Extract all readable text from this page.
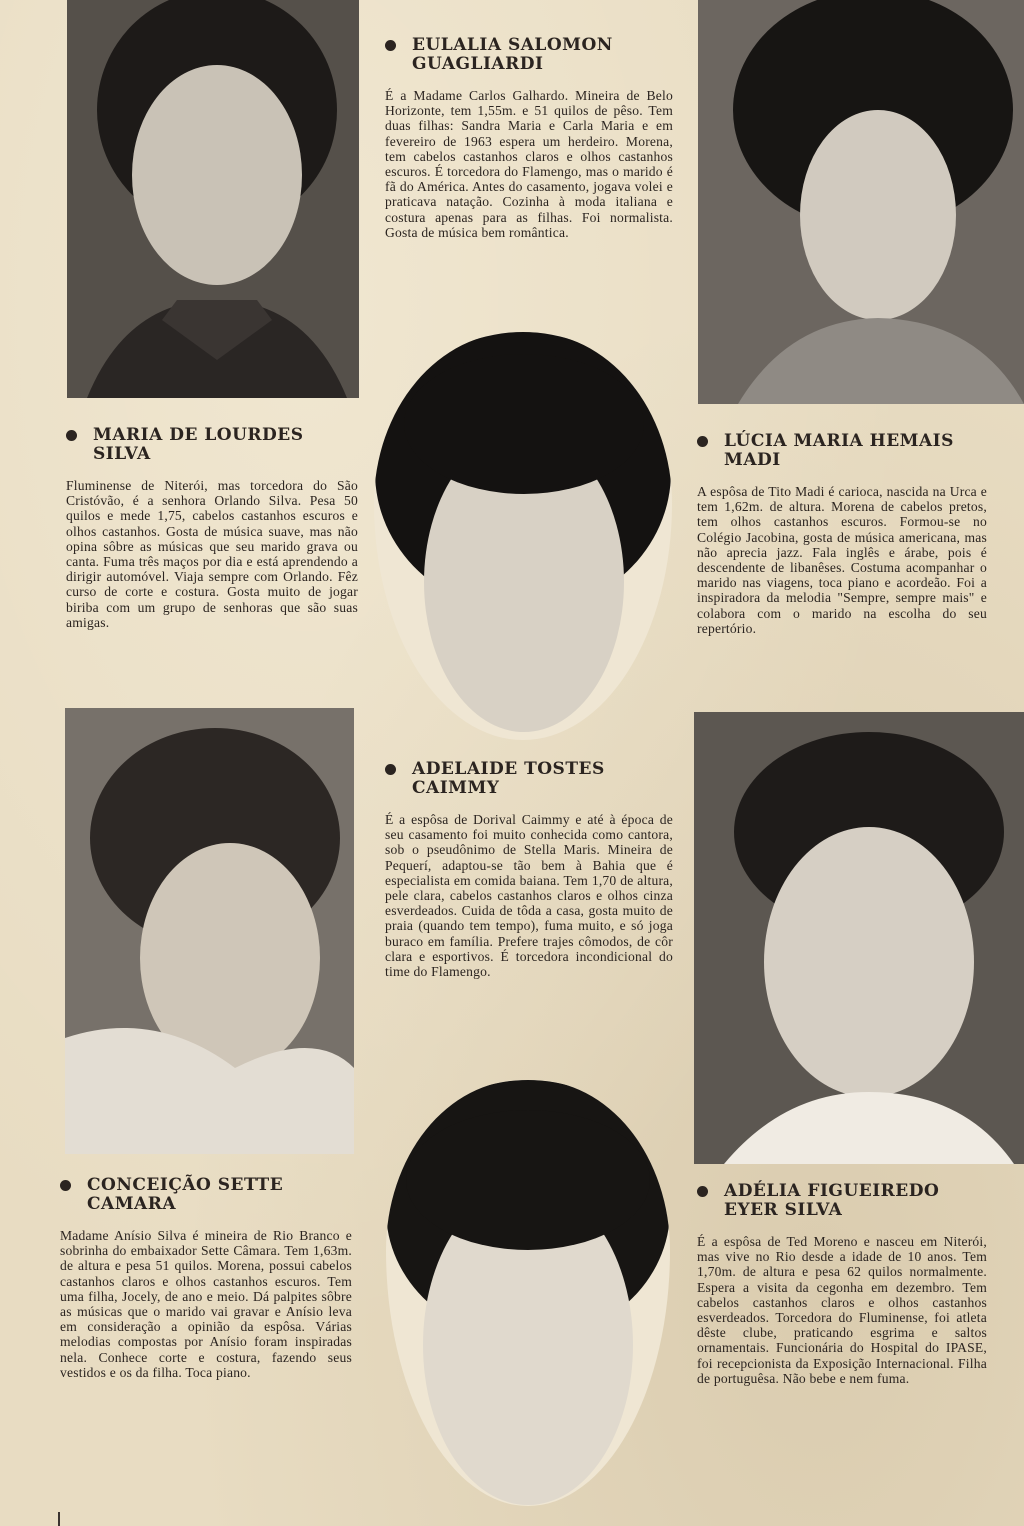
EULALIA SALOMON
GUAGLIARDI

É a Madame Carlos Galhardo. Mineira de Belo Horizonte, tem 1,55m. e 51 quilos de pêso. Tem duas filhas: Sandra Maria e Carla Maria e em fevereiro de 1963 espera um herdeiro. Morena, tem cabelos castanhos claros e olhos castanhos escuros. É torcedora do Flamengo, mas o marido é fã do América. Antes do casamento, jogava volei e praticava natação. Cozinha à moda italiana e costura apenas para as filhas. Foi normalista. Gosta de música bem romântica.

MARIA DE LOURDES
SILVA

Fluminense de Niterói, mas torcedora do São Cristóvão, é a senhora Orlando Silva. Pesa 50 quilos e mede 1,75, cabelos castanhos escuros e olhos castanhos. Gosta de música suave, mas não opina sôbre as músicas que seu marido grava ou canta. Fuma três maços por dia e está aprendendo a dirigir automóvel. Viaja sempre com Orlando. Fêz curso de corte e costura. Gosta muito de jogar biriba com um grupo de senhoras que são suas amigas.

LÚCIA MARIA HEMAIS
MADI

A espôsa de Tito Madi é carioca, nascida na Urca e tem 1,62m. de altura. Morena de cabelos pretos, tem olhos castanhos escuros. Formou-se no Colégio Jacobina, gosta de música americana, mas não aprecia jazz. Fala inglês e árabe, pois é descendente de libanêses. Costuma acompanhar o marido nas viagens, toca piano e acordeão. Foi a inspiradora da melodia "Sempre, sempre mais" e colabora com o marido na escolha do seu repertório.

ADELAIDE TOSTES
CAIMMY

É a espôsa de Dorival Caimmy e até à época de seu casamento foi muito conhecida como cantora, sob o pseudônimo de Stella Maris. Mineira de Pequerí, adaptou-se tão bem à Bahia que é especialista em comida baiana. Tem 1,70 de altura, pele clara, cabelos castanhos claros e olhos cinza esverdeados. Cuida de tôda a casa, gosta muito de praia (quando tem tempo), fuma muito, e só joga buraco em família. Prefere trajes cômodos, de côr clara e esportivos. É torcedora incondicional do time do Flamengo.

CONCEIÇÃO SETTE
CAMARA

Madame Anísio Silva é mineira de Rio Branco e sobrinha do embaixador Sette Câmara. Tem 1,63m. de altura e pesa 51 quilos. Morena, possui cabelos castanhos claros e olhos castanhos escuros. Tem uma filha, Jocely, de ano e meio. Dá palpites sôbre as músicas que o marido vai gravar e Anísio leva em consideração a opinião da espôsa. Várias melodias compostas por Anísio foram inspiradas nela. Conhece corte e costura, fazendo seus vestidos e os da filha. Toca piano.

ADÉLIA FIGUEIREDO
EYER SILVA

É a espôsa de Ted Moreno e nasceu em Niterói, mas vive no Rio desde a idade de 10 anos. Tem 1,70m. de altura e pesa 62 quilos normalmente. Espera a visita da cegonha em dezembro. Tem cabelos castanhos claros e olhos castanhos esverdeados. Torcedora do Fluminense, foi atleta dêste clube, praticando esgrima e saltos ornamentais. Funcionária do Hospital do IPASE, foi recepcionista da Exposição Internacional. Filha de portuguêsa. Não bebe e nem fuma.
